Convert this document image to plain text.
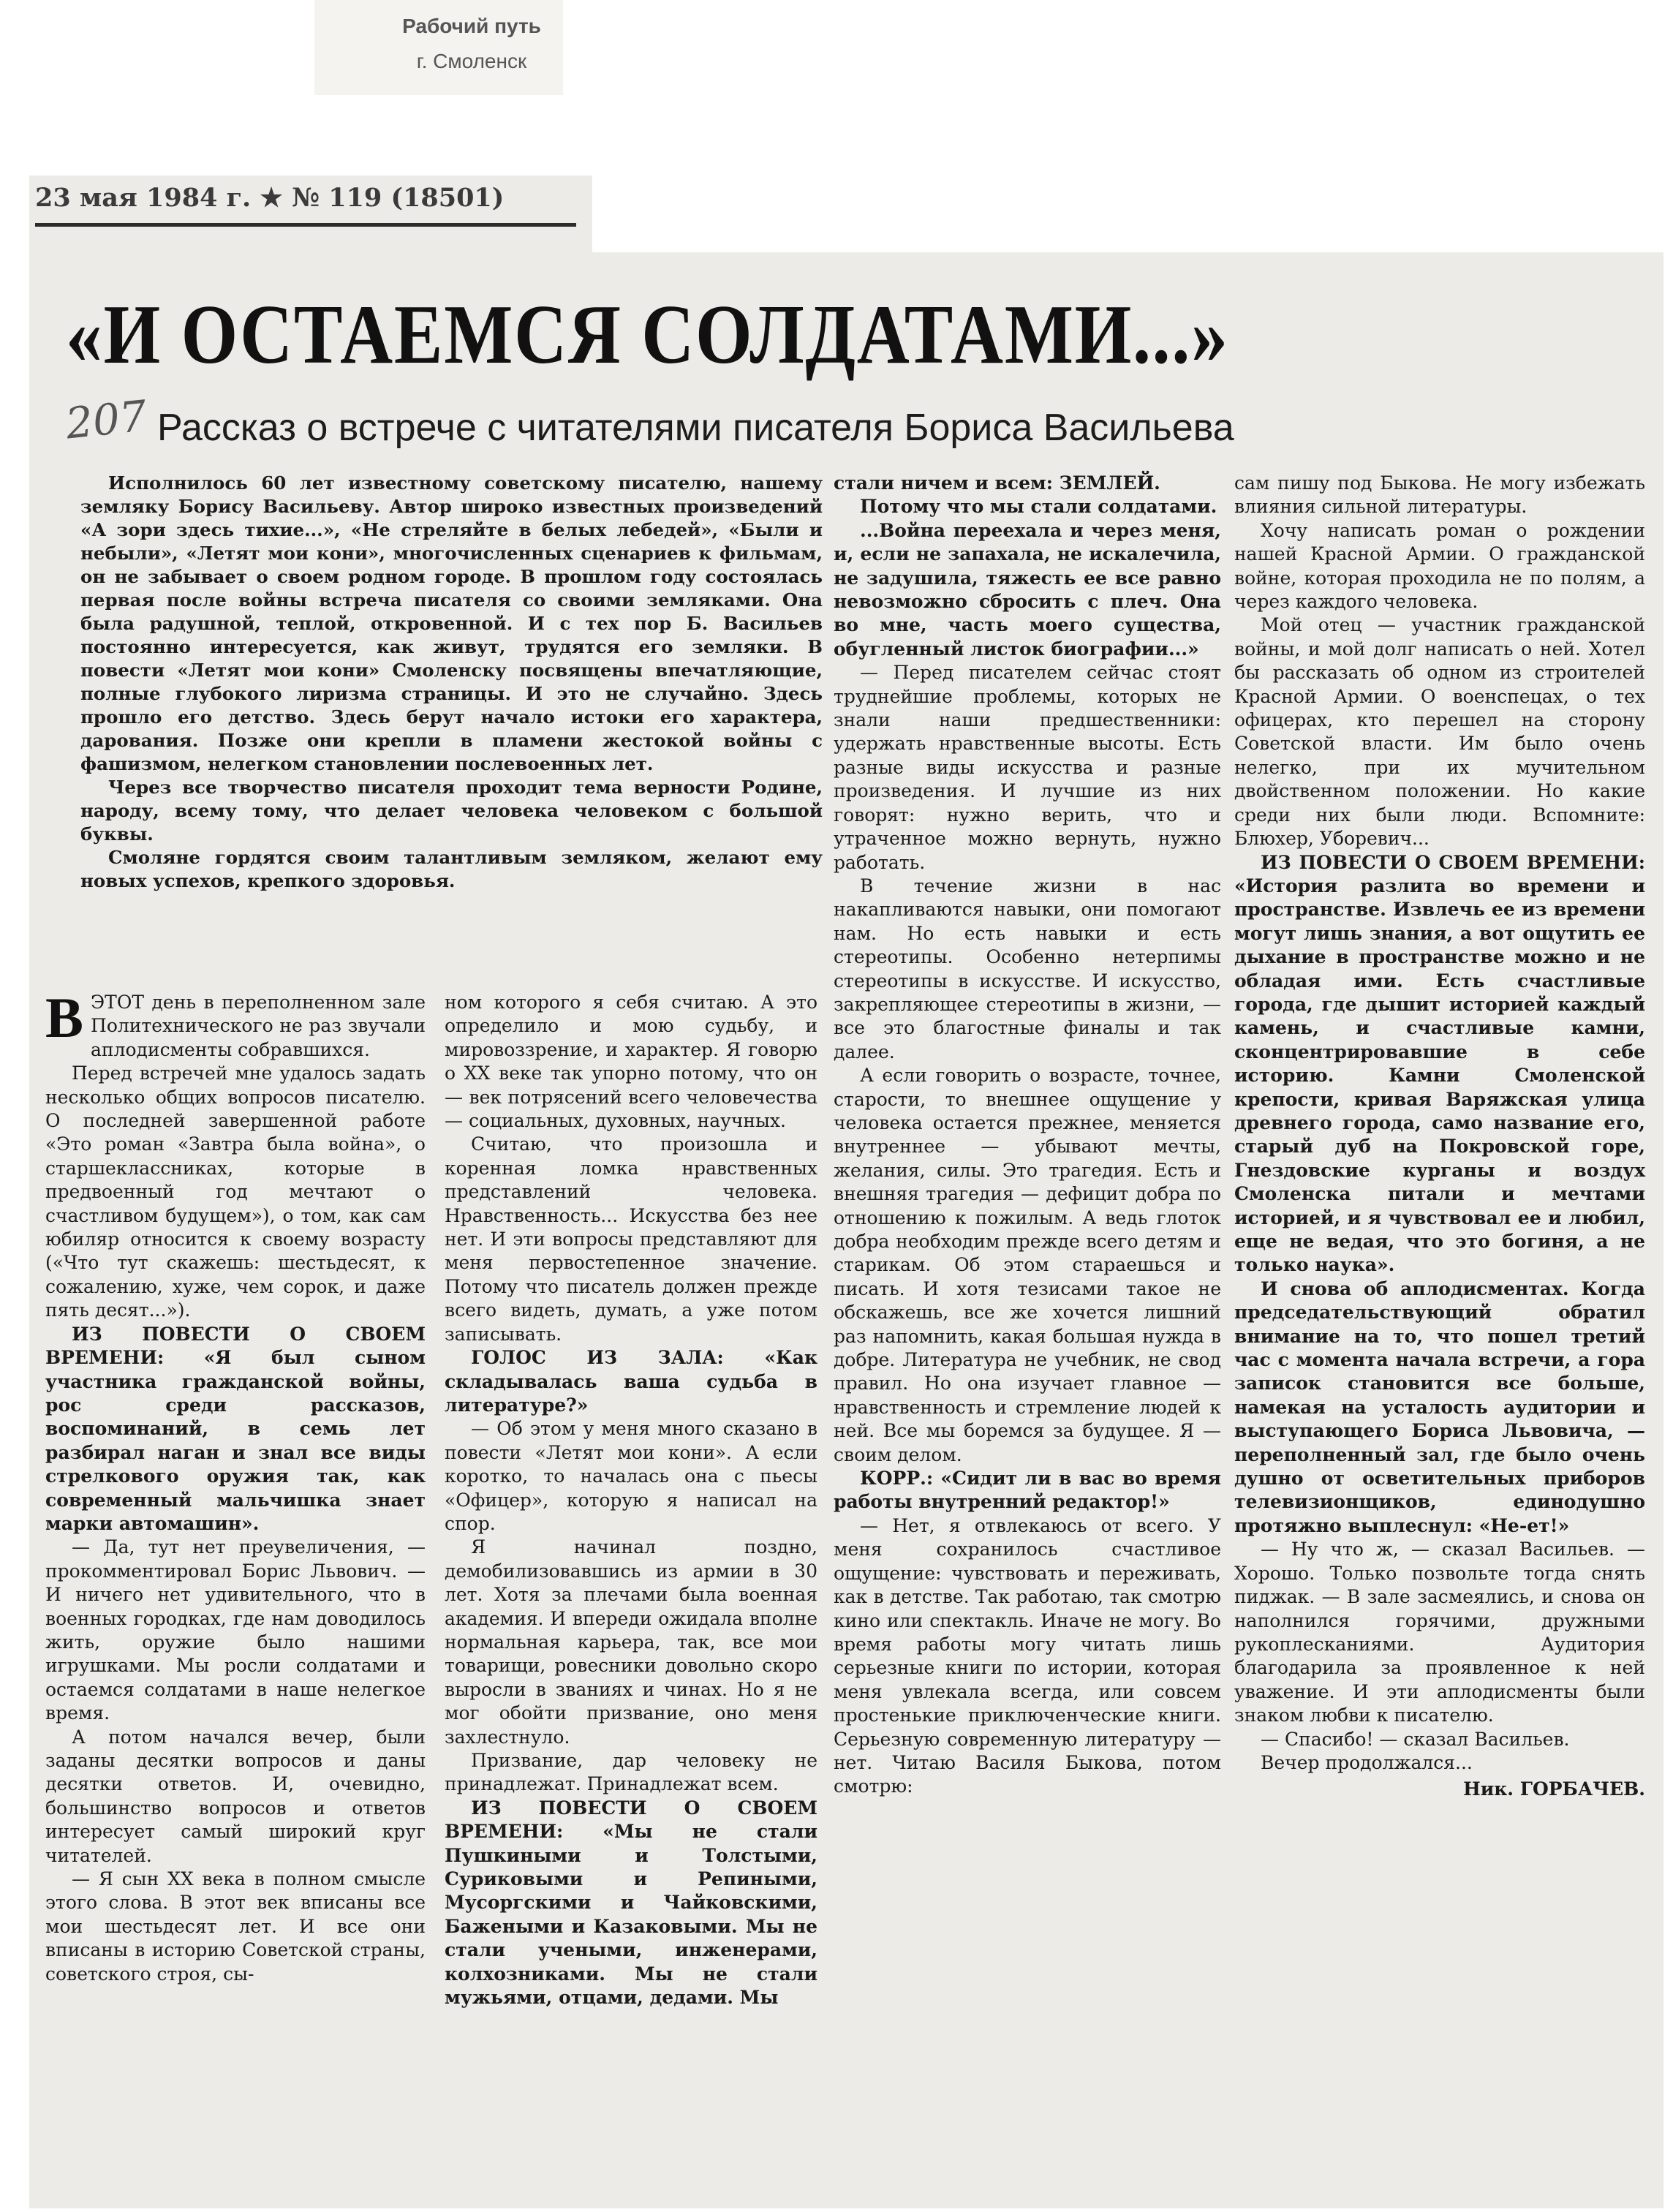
Рабочий путь
г. Смоленск
23 мая 1984 г. ★ № 119 (18501)
«И ОСТАЕМСЯ СОЛДАТАМИ...»
207 Рассказ о встрече с читателями писателя Бориса Васильева

Исполнилось 60 лет известному советскому писателю, нашему земляку Борису Васильеву. Автор широко известных произведений «А зори здесь тихие...», «Не стреляйте в белых лебедей», «Были и небыли», «Летят мои кони», многочисленных сценариев к фильмам, он не забывает о своем родном городе. В прошлом году состоялась первая после войны встреча писателя со своими земляками. Она была радушной, теплой, откровенной. И с тех пор Б. Васильев постоянно интересуется, как живут, трудятся его земляки. В повести «Летят мои кони» Смоленску посвящены впечатляющие, полные глубокого лиризма страницы. И это не случайно. Здесь прошло его детство. Здесь берут начало истоки его характера, дарования. Позже они крепли в пламени жестокой войны с фашизмом, нелегком становлении послевоенных лет.

Через все творчество писателя проходит тема верности Родине, народу, всему тому, что делает человека человеком с большой буквы.

Смоляне гордятся своим талантливым земляком, желают ему новых успехов, крепкого здоровья.

ВЭТОТ день в переполненном зале Политехнического не раз звучали аплодисменты собравшихся.

Перед встречей мне удалось задать несколько общих вопросов писателю. О последней завершенной работе «Это роман «Завтра была война», о старшеклассниках, которые в предвоенный год мечтают о счастливом будущем»), о том, как сам юбиляр относится к своему возрасту («Что тут скажешь: шестьдесят, к сожалению, хуже, чем сорок, и даже пять десят...»).

ИЗ ПОВЕСТИ О СВОЕМ ВРЕМЕНИ: «Я был сыном участника гражданской войны, рос среди рассказов, воспоминаний, в семь лет разбирал наган и знал все виды стрелкового оружия так, как современный мальчишка знает марки автомашин».

— Да, тут нет преувеличения, — прокомментировал Борис Львович. — И ничего нет удивительного, что в военных городках, где нам доводилось жить, оружие было нашими игрушками. Мы росли солдатами и остаемся солдатами в наше нелегкое время.

А потом начался вечер, были заданы десятки вопросов и даны десятки ответов. И, очевидно, большинство вопросов и ответов интересует самый широкий круг читателей.

— Я сын XX века в полном смысле этого слова. В этот век вписаны все мои шестьдесят лет. И все они вписаны в историю Советской страны, советского строя, сы-

ном которого я себя считаю. А это определило и мою судьбу, и мировоззрение, и характер. Я говорю о XX веке так упорно потому, что он — век потрясений всего человечества — социальных, духовных, научных.

Считаю, что произошла и коренная ломка нравственных представлений человека. Нравственность... Искусства без нее нет. И эти вопросы представляют для меня первостепенное значение. Потому что писатель должен прежде всего видеть, думать, а уже потом записывать.

ГОЛОС ИЗ ЗАЛА: «Как складывалась ваша судьба в литературе?»

— Об этом у меня много сказано в повести «Летят мои кони». А если коротко, то началась она с пьесы «Офицер», которую я написал на спор.

Я начинал поздно, демобилизовавшись из армии в 30 лет. Хотя за плечами была военная академия. И впереди ожидала вполне нормальная карьера, так, все мои товарищи, ровесники довольно скоро выросли в званиях и чинах. Но я не мог обойти призвание, оно меня захлестнуло.

Призвание, дар человеку не принадлежат. Принадлежат всем.

ИЗ ПОВЕСТИ О СВОЕМ ВРЕМЕНИ: «Мы не стали Пушкиными и Толстыми, Суриковыми и Репиными, Мусоргскими и Чайковскими, Бажеными и Казаковыми. Мы не стали учеными, инженерами, колхозниками. Мы не стали мужьями, отцами, дедами. Мы

стали ничем и всем: ЗЕМЛЕЙ.

Потому что мы стали солдатами.

...Война переехала и через меня, и, если не запахала, не искалечила, не задушила, тяжесть ее все равно невозможно сбросить с плеч. Она во мне, часть моего существа, обугленный листок биографии...»

— Перед писателем сейчас стоят труднейшие проблемы, которых не знали наши предшественники: удержать нравственные высоты. Есть разные виды искусства и разные произведения. И лучшие из них говорят: нужно верить, что и утраченное можно вернуть, нужно работать.

В течение жизни в нас накапливаются навыки, они помогают нам. Но есть навыки и есть стереотипы. Особенно нетерпимы стереотипы в искусстве. И искусство, закрепляющее стереотипы в жизни, — все это благостные финалы и так далее.

А если говорить о возрасте, точнее, старости, то внешнее ощущение у человека остается прежнее, меняется внутреннее — убывают мечты, желания, силы. Это трагедия. Есть и внешняя трагедия — дефицит добра по отношению к пожилым. А ведь глоток добра необходим прежде всего детям и старикам. Об этом стараешься и писать. И хотя тезисами такое не обскажешь, все же хочется лишний раз напомнить, какая большая нужда в добре. Литература не учебник, не свод правил. Но она изучает главное — нравственность и стремление людей к ней. Все мы боремся за будущее. Я — своим делом.

КОРР.: «Сидит ли в вас во время работы внутренний редактор!»

— Нет, я отвлекаюсь от всего. У меня сохранилось счастливое ощущение: чувствовать и переживать, как в детстве. Так работаю, так смотрю кино или спектакль. Иначе не могу. Во время работы могу читать лишь серьезные книги по истории, которая меня увлекала всегда, или совсем простенькие приключенческие книги. Серьезную современную литературу — нет. Читаю Василя Быкова, потом смотрю:

сам пишу под Быкова. Не могу избежать влияния сильной литературы.

Хочу написать роман о рождении нашей Красной Армии. О гражданской войне, которая проходила не по полям, а через каждого человека.

Мой отец — участник гражданской войны, и мой долг написать о ней. Хотел бы рассказать об одном из строителей Красной Армии. О военспецах, о тех офицерах, кто перешел на сторону Советской власти. Им было очень нелегко, при их мучительном двойственном положении. Но какие среди них были люди. Вспомните: Блюхер, Уборевич...

ИЗ ПОВЕСТИ О СВОЕМ ВРЕМЕНИ: «История разлита во времени и пространстве. Извлечь ее из времени могут лишь знания, а вот ощутить ее дыхание в пространстве можно и не обладая ими. Есть счастливые города, где дышит историей каждый камень, и счастливые камни, сконцентрировавшие в себе историю. Камни Смоленской крепости, кривая Варяжская улица древнего города, само название его, старый дуб на Покровской горе, Гнездовские курганы и воздух Смоленска питали и мечтами историей, и я чувствовал ее и любил, еще не ведая, что это богиня, а не только наука».

И снова об аплодисментах. Когда председательствующий обратил внимание на то, что пошел третий час с момента начала встречи, а гора записок становится все больше, намекая на усталость аудитории и выступающего Бориса Львовича, — переполненный зал, где было очень душно от осветительных приборов телевизионщиков, единодушно протяжно выплеснул: «Не-ет!»

— Ну что ж, — сказал Васильев. — Хорошо. Только позвольте тогда снять пиджак. — В зале засмеялись, и снова он наполнился горячими, дружными рукоплесканиями. Аудитория благодарила за проявленное к ней уважение. И эти аплодисменты были знаком любви к писателю.

— Спасибо! — сказал Васильев.

Вечер продолжался...

Ник. ГОРБАЧЕВ.
